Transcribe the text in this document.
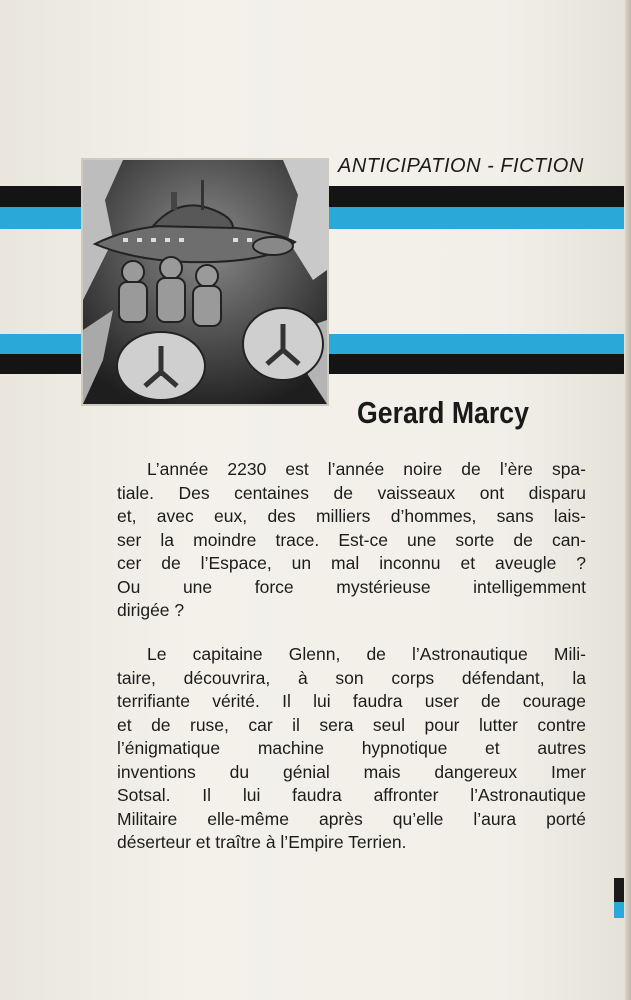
ANTICIPATION - FICTION
Gerard Marcy
L’année 2230 est l’année noire de l’ère spa-
tiale. Des centaines de vaisseaux ont disparu
et, avec eux, des milliers d’hommes, sans lais-
ser la moindre trace. Est-ce une sorte de can-
cer de l’Espace, un mal inconnu et aveugle ?
Ou une force mystérieuse intelligemment
dirigée ?
Le capitaine Glenn, de l’Astronautique Mili-
taire, découvrira, à son corps défendant, la
terrifiante vérité. Il lui faudra user de courage
et de ruse, car il sera seul pour lutter contre
l’énigmatique machine hypnotique et autres
inventions du génial mais dangereux Imer
Sotsal. Il lui faudra affronter l’Astronautique
Militaire elle-même après qu’elle l’aura porté
déserteur et traître à l’Empire Terrien.
